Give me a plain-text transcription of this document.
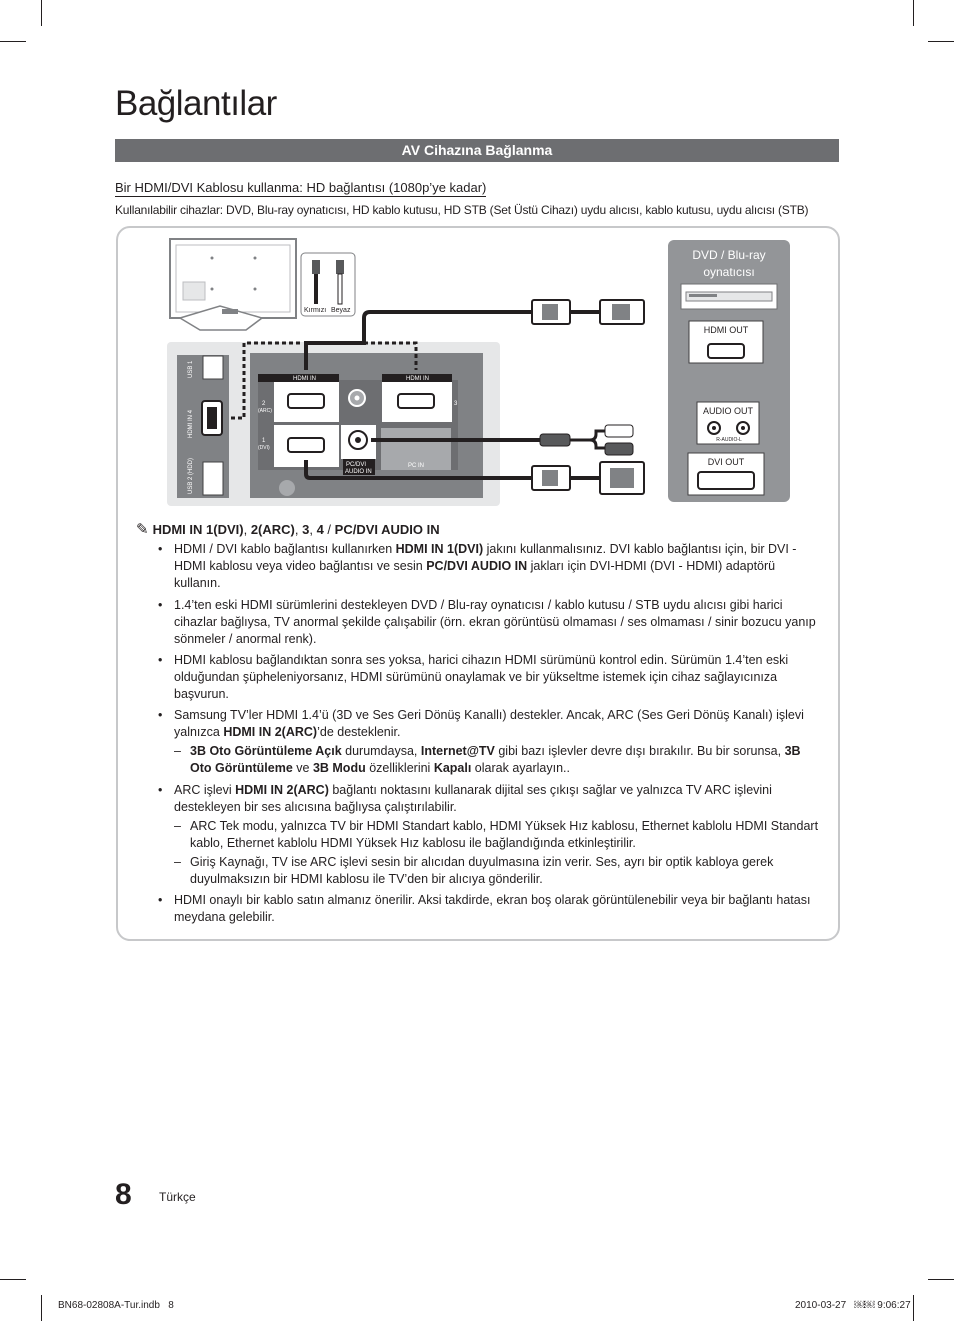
Bağlantılar
AV Cihazına Bağlanma
Bir HDMI/DVI Kablosu kullanma: HD bağlantısı (1080p’ye kadar)
Kullanılabilir cihazlar: DVD, Blu-ray oynatıcısı, HD kablo kutusu, HD STB (Set Üstü Cihazı) uydu alıcısı, kablo kutusu, uydu alıcısı (STB)
Kırmızı Beyaz
HDMI IN 4
USB 1
USB 2 (HDD)
HDMI IN	HDMI IN
2
(ARC)
1
(DVI)
3
PC/DVI
AUDIO IN
PC IN
DVD / Blu-ray
oynatıcısı
HDMI OUT
AUDIO OUT
R-AUDIO-L
DVI OUT
✎ HDMI IN 1(DVI), 2(ARC), 3, 4 / PC/DVI AUDIO IN
• HDMI / DVI kablo bağlantısı kullanırken HDMI IN 1(DVI) jakını kullanmalısınız. DVI kablo bağlantısı için, bir DVI - HDMI kablosu veya video bağlantısı ve sesin PC/DVI AUDIO IN jakları için DVI-HDMI (DVI - HDMI) adaptörü kullanın.
• 1.4’ten eski HDMI sürümlerini destekleyen DVD / Blu-ray oynatıcısı / kablo kutusu / STB uydu alıcısı gibi harici cihazlar bağlıysa, TV anormal şekilde çalışabilir (örn. ekran görüntüsü olmaması / ses olmaması / sinir bozucu yanıp sönmeler / anormal renk).
• HDMI kablosu bağlandıktan sonra ses yoksa, harici cihazın HDMI sürümünü kontrol edin. Sürümün 1.4’ten eski olduğundan şüpheleniyorsanız, HDMI sürümünü onaylamak ve bir yükseltme istemek için cihaz sağlayıcınıza başvurun.
• Samsung TV’ler HDMI 1.4’ü (3D ve Ses Geri Dönüş Kanallı) destekler. Ancak, ARC (Ses Geri Dönüş Kanalı) işlevi yalnızca HDMI IN 2(ARC)’de desteklenir.
– 3B Oto Görüntüleme Açık durumdaysa, Internet@TV gibi bazı işlevler devre dışı bırakılır. Bu bir sorunsa, 3B Oto Görüntüleme ve 3B Modu özelliklerini Kapalı olarak ayarlayın..
• ARC işlevi HDMI IN 2(ARC) bağlantı noktasını kullanarak dijital ses çıkışı sağlar ve yalnızca TV ARC işlevini destekleyen bir ses alıcısına bağlıysa çalıştırılabilir.
– ARC Tek modu, yalnızca TV bir HDMI Standart kablo, HDMI Yüksek Hız kablosu, Ethernet kablolu HDMI Standart kablo, Ethernet kablolu HDMI Yüksek Hız kablosu ile bağlandığında etkinleştirilir.
– Giriş Kaynağı, TV ise ARC işlevi sesin bir alıcıdan duyulmasına izin verir. Ses, ayrı bir optik kabloya gerek duyulmaksızın bir HDMI kablosu ile TV’den bir alıcıya gönderilir.
• HDMI onaylı bir kablo satın almanız önerilir. Aksi takdirde, ekran boş olarak görüntülenebilir veya bir bağlantı hatası meydana gelebilir.
8 Türkçe
BN68-02808A-Tur.indb   8	2010-03-27   ￼￼ 9:06:27
